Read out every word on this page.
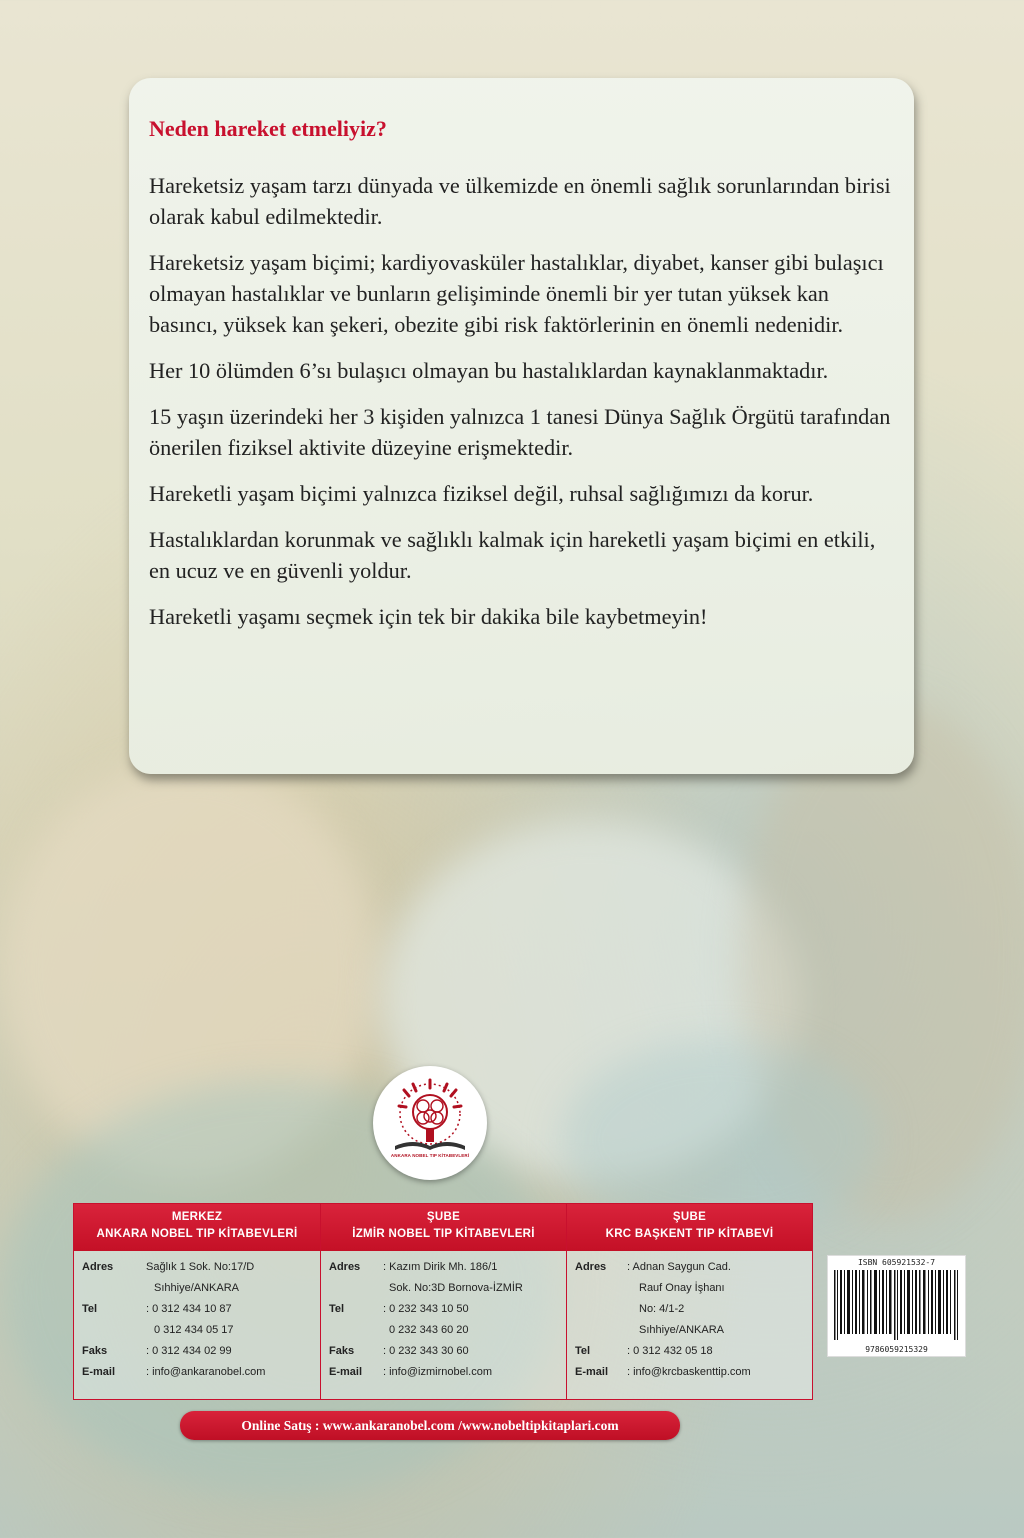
Neden hareket etmeliyiz?

Hareketsiz yaşam tarzı dünyada ve ülkemizde en önemli sağlık sorunlarından birisi olarak kabul edilmektedir.

Hareketsiz yaşam biçimi; kardiyovasküler hastalıklar, diyabet, kanser gibi bulaşıcı olmayan hastalıklar ve bunların gelişiminde önemli bir yer tutan yüksek kan basıncı, yüksek kan şekeri, obezite gibi risk faktörlerinin en önemli nedenidir.

Her 10 ölümden 6’sı bulaşıcı olmayan bu hastalıklardan kaynaklanmaktadır.

15 yaşın üzerindeki her 3 kişiden yalnızca 1 tanesi Dünya Sağlık Örgütü tarafından önerilen fiziksel aktivite düzeyine erişmektedir.

Hareketli yaşam biçimi yalnızca fiziksel değil, ruhsal sağlığımızı da korur.

Hastalıklardan korunmak ve sağlıklı kalmak için hareketli yaşam biçimi en etkili, en ucuz ve en güvenli yoldur.

Hareketli yaşamı seçmek için tek bir dakika bile kaybetmeyin!

ANKARA NOBEL TIP KİTABEVLERİ
MERKEZ
ANKARA NOBEL TIP KİTABEVLERİ
Adres	Sağlık 1 Sok. No:17/D
Sıhhiye/ANKARA
Tel	: 0 312 434 10 87
0 312 434 05 17
Faks	: 0 312 434 02 99
E-mail	: info@ankaranobel.com
ŞUBE
İZMİR NOBEL TIP KİTABEVLERİ
Adres : Kazım Dirik Mh. 186/1
Sok. No:3D Bornova-İZMİR
Tel	: 0 232 343 10 50
0 232 343 60 20
Faks	: 0 232 343 30 60
E-mail : info@izmirnobel.com
ŞUBE
KRC BAŞKENT TIP KİTABEVİ
Adres : Adnan Saygun Cad.
Rauf Onay İşhanı
No: 4/1-2
Sıhhiye/ANKARA
Tel	: 0 312 432 05 18
E-mail : info@krcbaskenttip.com
ISBN 605921532-7
9786059215329
Online Satış : www.ankaranobel.com /www.nobeltipkitaplari.com
